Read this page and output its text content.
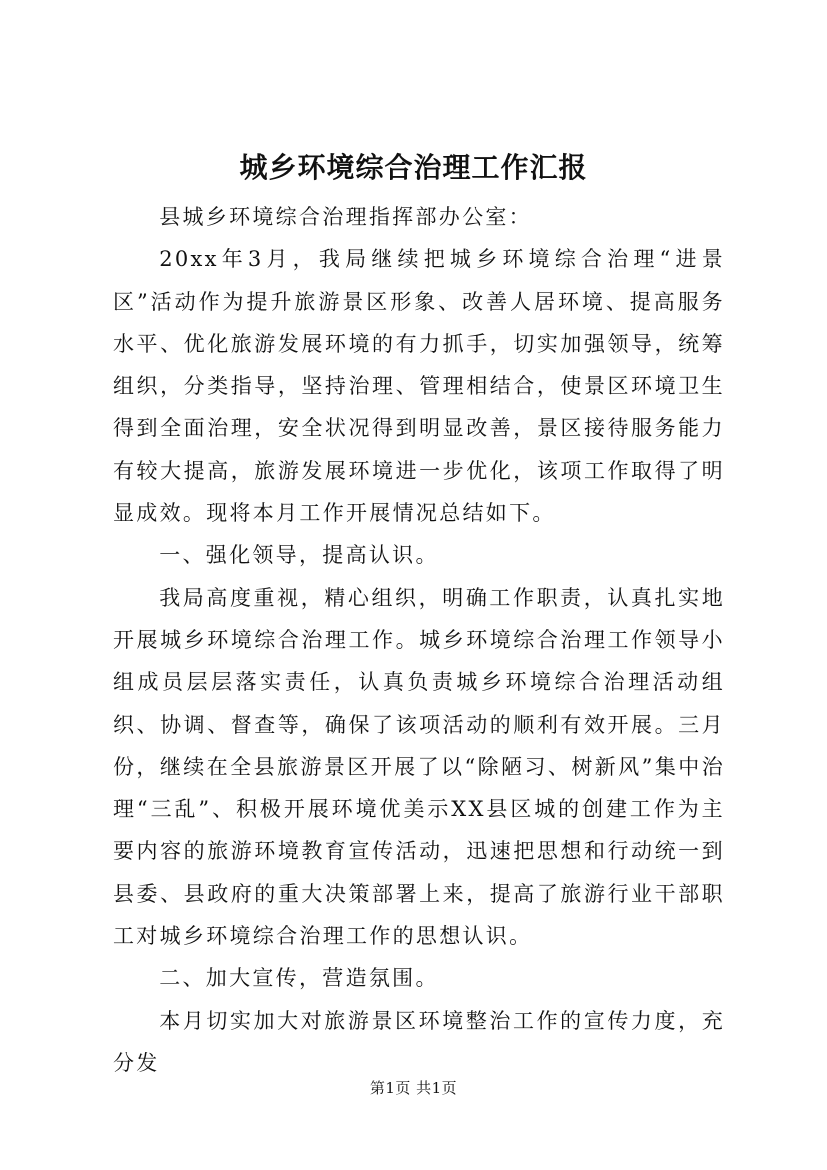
城乡环境综合治理工作汇报

县城乡环境综合治理指挥部办公室：

20xx年3月，我局继续把城乡环境综合治理“进景区”活动作为提升旅游景区形象、改善人居环境、提高服务水平、优化旅游发展环境的有力抓手，切实加强领导，统筹组织，分类指导，坚持治理、管理相结合，使景区环境卫生得到全面治理，安全状况得到明显改善，景区接待服务能力有较大提高，旅游发展环境进一步优化，该项工作取得了明显成效。现将本月工作开展情况总结如下。

一、强化领导，提高认识。

我局高度重视，精心组织，明确工作职责，认真扎实地开展城乡环境综合治理工作。城乡环境综合治理工作领导小组成员层层落实责任，认真负责城乡环境综合治理活动组织、协调、督查等，确保了该项活动的顺利有效开展。三月份，继续在全县旅游景区开展了以“除陋习、树新风”集中治理“三乱”、积极开展环境优美示XX县区城的创建工作为主要内容的旅游环境教育宣传活动，迅速把思想和行动统一到县委、县政府的重大决策部署上来，提高了旅游行业干部职工对城乡环境综合治理工作的思想认识。

二、加大宣传，营造氛围。

本月切实加大对旅游景区环境整治工作的宣传力度，充分发

第1页 共1页
